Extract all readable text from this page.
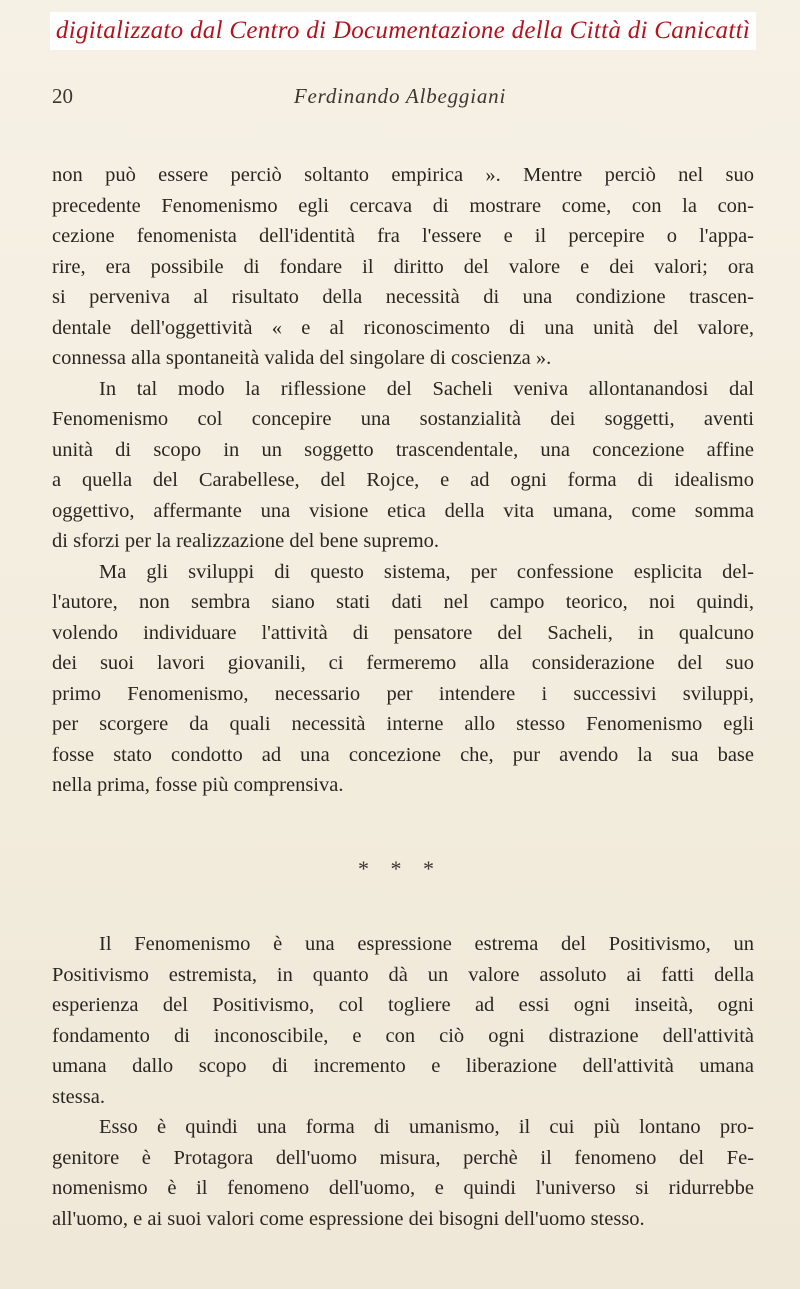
digitalizzato dal Centro di Documentazione della Città di Canicattì
20	Ferdinando Albeggiani
non può essere perciò soltanto empirica ». Mentre perciò nel suo
precedente Fenomenismo egli cercava di mostrare come, con la con-
cezione fenomenista dell'identità fra l'essere e il percepire o l'appa-
rire, era possibile di fondare il diritto del valore e dei valori; ora
si perveniva al risultato della necessità di una condizione trascen-
dentale dell'oggettività « e al riconoscimento di una unità del valore,
connessa alla spontaneità valida del singolare di coscienza ».
In tal modo la riflessione del Sacheli veniva allontanandosi dal
Fenomenismo col concepire una sostanzialità dei soggetti, aventi
unità di scopo in un soggetto trascendentale, una concezione affine
a quella del Carabellese, del Rojce, e ad ogni forma di idealismo
oggettivo, affermante una visione etica della vita umana, come somma
di sforzi per la realizzazione del bene supremo.
Ma gli sviluppi di questo sistema, per confessione esplicita del-
l'autore, non sembra siano stati dati nel campo teorico, noi quindi,
volendo individuare l'attività di pensatore del Sacheli, in qualcuno
dei suoi lavori giovanili, ci fermeremo alla considerazione del suo
primo Fenomenismo, necessario per intendere i successivi sviluppi,
per scorgere da quali necessità interne allo stesso Fenomenismo egli
fosse stato condotto ad una concezione che, pur avendo la sua base
nella prima, fosse più comprensiva.
* * *
Il Fenomenismo è una espressione estrema del Positivismo, un
Positivismo estremista, in quanto dà un valore assoluto ai fatti della
esperienza del Positivismo, col togliere ad essi ogni inseità, ogni
fondamento di inconoscibile, e con ciò ogni distrazione dell'attività
umana dallo scopo di incremento e liberazione dell'attività umana
stessa.
Esso è quindi una forma di umanismo, il cui più lontano pro-
genitore è Protagora dell'uomo misura, perchè il fenomeno del Fe-
nomenismo è il fenomeno dell'uomo, e quindi l'universo si ridurrebbe
all'uomo, e ai suoi valori come espressione dei bisogni dell'uomo stesso.
